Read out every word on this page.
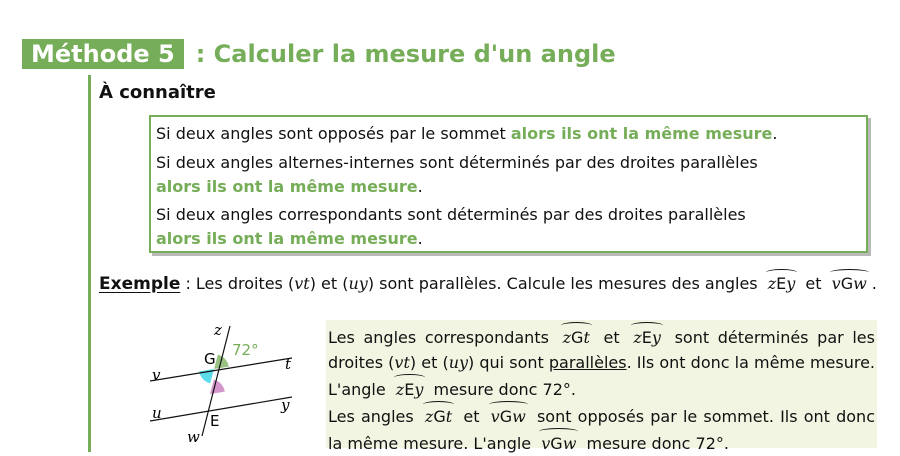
Méthode 5 : Calculer la mesure d'un angle
À connaître
Si deux angles sont opposés par le sommet alors ils ont la même mesure.
Si deux angles alternes-internes sont déterminés par des droites parallèles
alors ils ont la même mesure.
Si deux angles correspondants sont déterminés par des droites parallèles
alors ils ont la même mesure.
Exemple : Les droites (vt) et (uy) sont parallèles. Calcule les mesures des angles zEy et vGw .
z
t
v
u	y
w
G
E
72°
Les angles correspondants zGt et zEy sont déterminés par les droites (vt) et (uy) qui sont parallèles. Ils ont donc la même mesure. L'angle zEy mesure donc 72°.
Les angles zGt et vGw sont opposés par le sommet. Ils ont donc la même mesure. L'angle vGw mesure donc 72°.
